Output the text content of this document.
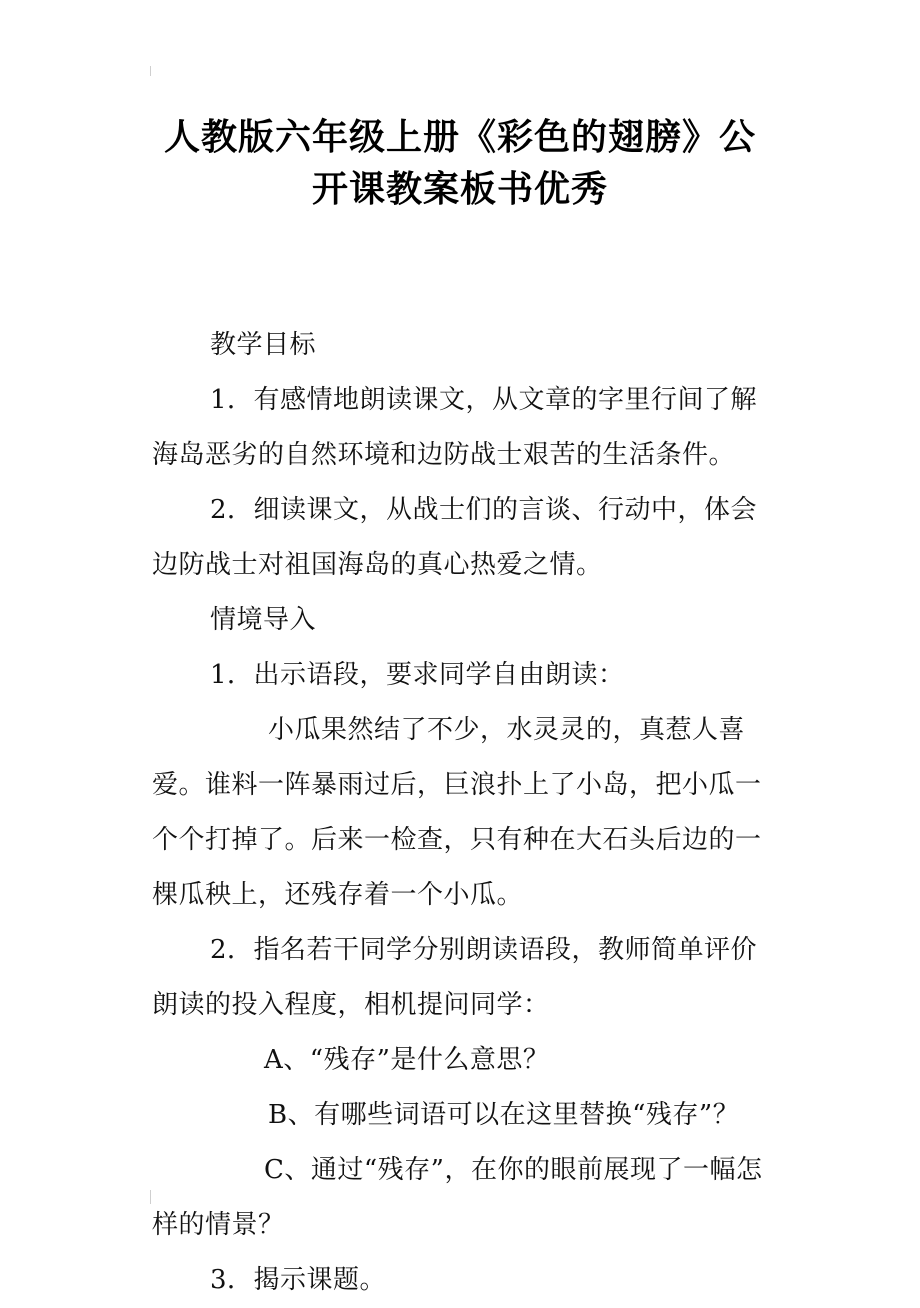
人教版六年级上册《彩色的翅膀》公
开课教案板书优秀

教学目标

1．有感情地朗读课文，从文章的字里行间了解海岛恶劣的自然环境和边防战士艰苦的生活条件。

2．细读课文，从战士们的言谈、行动中，体会边防战士对祖国海岛的真心热爱之情。

情境导入

1．出示语段，要求同学自由朗读：

小瓜果然结了不少，水灵灵的，真惹人喜爱。谁料一阵暴雨过后，巨浪扑上了小岛，把小瓜一个个打掉了。后来一检查，只有种在大石头后边的一棵瓜秧上，还残存着一个小瓜。

2．指名若干同学分别朗读语段，教师简单评价朗读的投入程度，相机提问同学：

A、“残存”是什么意思？

B、有哪些词语可以在这里替换“残存”？

C、通过“残存”，在你的眼前展现了一幅怎样的情景？

3．揭示课题。
